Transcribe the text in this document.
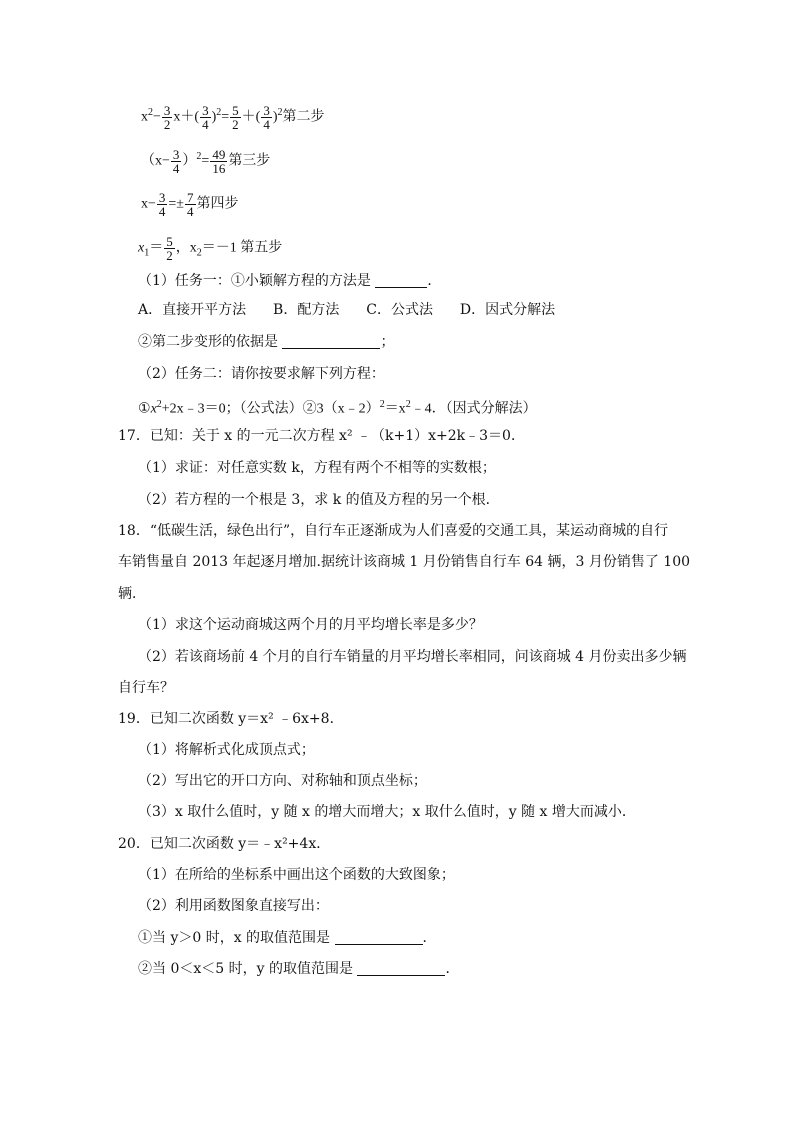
$x^2- \frac{3}{2} x+( \frac{3}{4} )^2= \frac{5}{2}$ ＋( $\frac{3}{4} )^2$第二步
$(x- \frac{3}{4} )^2= \frac{49}{16}$ 第三步
$x- \frac{3}{4} =\pm \frac{7}{4}$ 第四步
$x_1= \frac{5}{2}$ ，$x_2=-1$ 第五步
（1）任务一：①小颖解方程的方法是	．
A．直接开平方法 B．配方法 C．公式法 D．因式分解法
②第二步变形的依据是	；
（2）任务二：请你按要求解下列方程：
$①x^2+2x﹣3=0$；（公式法）$②3(x﹣2)^2=x^2﹣4$．（因式分解法）
17．已知：关于 x 的一元二次方程 x² ﹣（k+1）x+2k﹣3＝0．
（1）求证：对任意实数 k，方程有两个不相等的实数根；
（2）若方程的一个根是 3，求 k 的值及方程的另一个根．
18．“低碳生活，绿色出行”，自行车正逐渐成为人们喜爱的交通工具，某运动商城的自行
车销售量自 2013 年起逐月增加.据统计该商城 1 月份销售自行车 64 辆，3 月份销售了 100
辆．
（1）求这个运动商城这两个月的月平均增长率是多少？
（2）若该商场前 4 个月的自行车销量的月平均增长率相同，问该商城 4 月份卖出多少辆
自行车？
19．已知二次函数 y＝x² ﹣6x+8．
（1）将解析式化成顶点式；
（2）写出它的开口方向、对称轴和顶点坐标；
（3）x 取什么值时，y 随 x 的增大而增大；x 取什么值时，y 随 x 增大而减小．
20．已知二次函数 y＝﹣x²+4x．
（1）在所给的坐标系中画出这个函数的大致图象；
（2）利用函数图象直接写出：
①当 y＞0 时，x 的取值范围是	．
②当 0＜x＜5 时，y 的取值范围是	．
